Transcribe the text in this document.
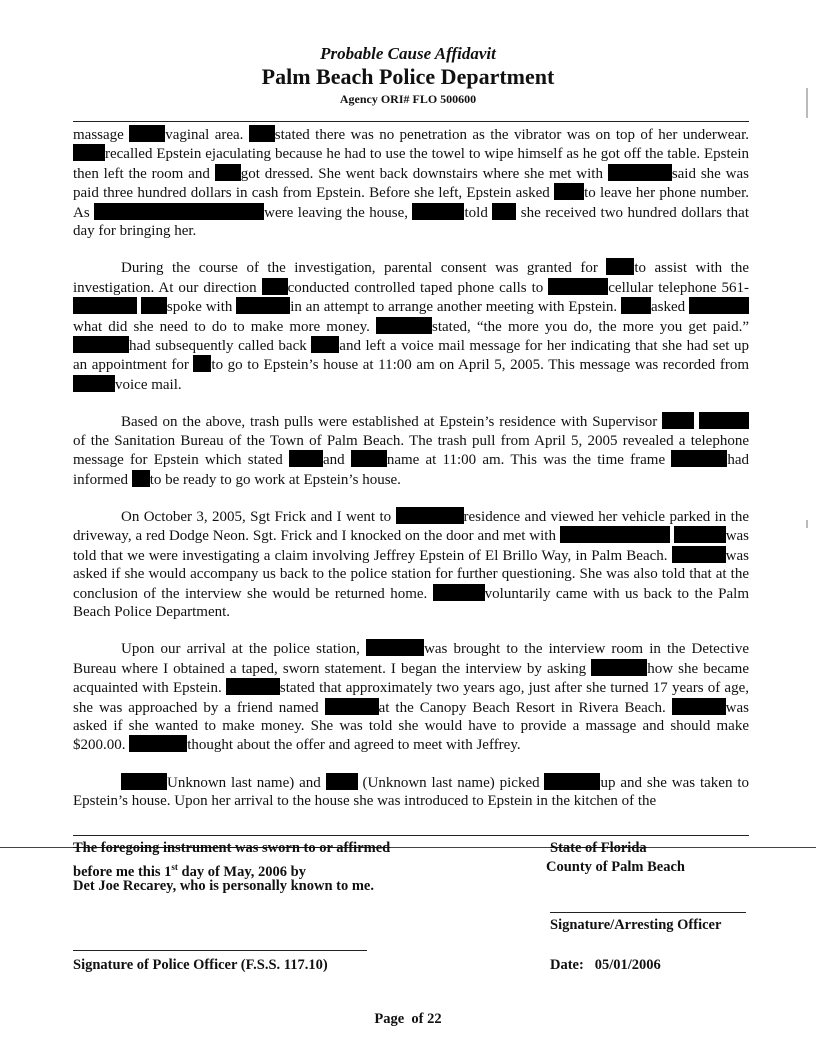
Probable Cause Affidavit
Palm Beach Police Department
Agency ORI# FLO 500600

massage vaginal area. stated there was no penetration as the vibrator was on top of her underwear. recalled Epstein ejaculating because he had to use the towel to wipe himself as he got off the table. Epstein then left the room and got dressed. She went back downstairs where she met with	said she was paid three hundred dollars in cash from Epstein. Before she left, Epstein asked to leave her phone number. As	were leaving the house,	told  she received two hundred dollars that day for bringing her.

During the course of the investigation, parental consent was granted for to assist with the investigation. At our direction conducted controlled taped phone calls to	cellular telephone 561- spoke with	in an attempt to arrange another meeting with Epstein. asked what did she need to do to make more money.	stated, “the more you do, the more you get paid.” had subsequently called back and left a voice mail message for her indicating that she had set up an appointment for to go to Epstein’s house at 11:00 am on April 5, 2005. This message was recorded from voice mail.

Based on the above, trash pulls were established at Epstein’s residence with Supervisor   of the Sanitation Bureau of the Town of Palm Beach. The trash pull from April 5, 2005 revealed a telephone message for Epstein which stated and name at 11:00 am. This was the time frame	had informed to be ready to go work at Epstein’s house.

On October 3, 2005, Sgt Frick and I went to	residence and viewed her vehicle parked in the driveway, a red Dodge Neon. Sgt. Frick and I knocked on the door and met with	was told that we were investigating a claim involving Jeffrey Epstein of El Brillo Way, in Palm Beach.	was asked if she would accompany us back to the police station for further questioning. She was also told that at the conclusion of the interview she would be returned home.	voluntarily came with us back to the Palm Beach Police Department.

Upon our arrival at the police station,	was brought to the interview room in the Detective Bureau where I obtained a taped, sworn statement. I began the interview by asking	how she became acquainted with Epstein.	stated that approximately two years ago, just after she turned 17 years of age, she was approached by a friend named	at the Canopy Beach Resort in Rivera Beach.	was asked if she wanted to make money. She was told she would have to provide a massage and should make $200.00.	thought about the offer and agreed to meet with Jeffrey.

Unknown last name) and  (Unknown last name) picked	up and she was taken to Epstein’s house. Upon her arrival to the house she was introduced to Epstein in the kitchen of the

The foregoing instrument was sworn to or affirmed

before me this 1st day of May, 2006 by

Det Joe Recarey, who is personally known to me.

State of Florida

County of Palm Beach

Signature/Arresting Officer

Signature of Police Officer (F.S.S. 117.10)	Date: 05/01/2006

Page of 22
